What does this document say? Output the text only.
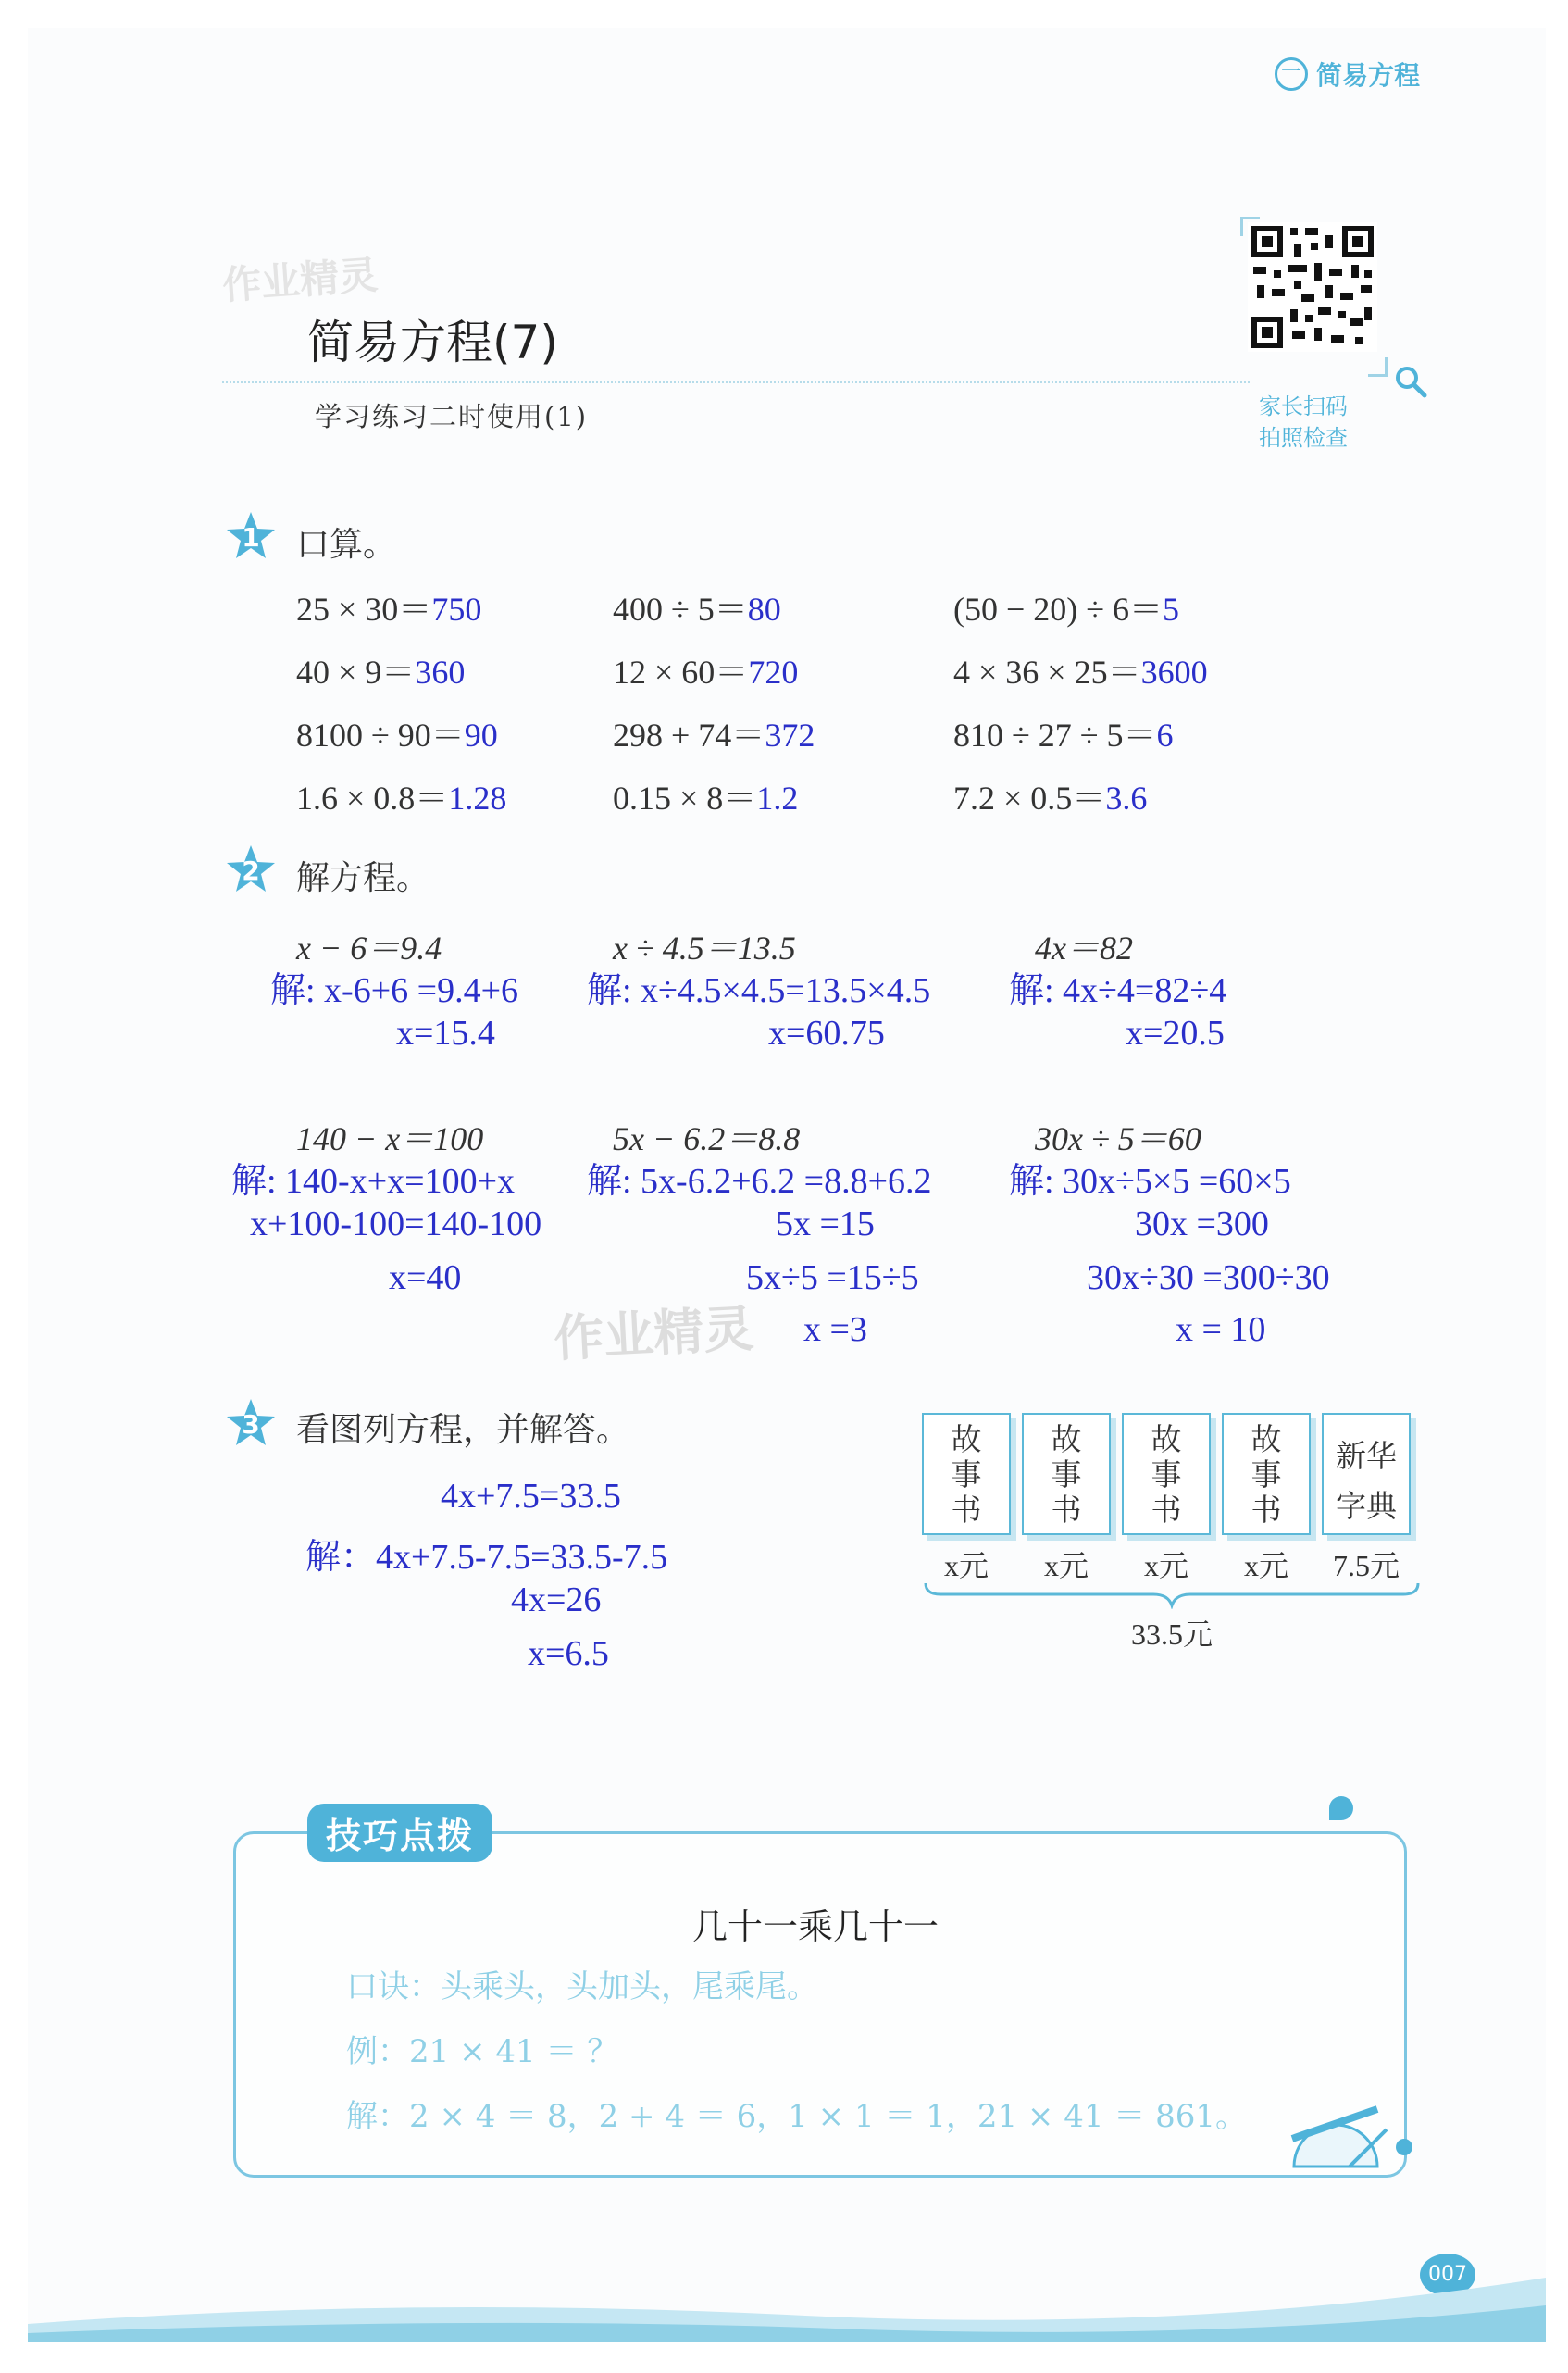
一 简易方程
作业精灵
简易方程(7)
学习练习二时使用(1)	家长扫码
拍照检查
1 口算。
25 × 30＝750	400 ÷ 5＝80	(50 − 20) ÷ 6＝5
40 × 9＝360	12 × 60＝720	4 × 36 × 25＝3600
8100 ÷ 90＝90	298 + 74＝372	810 ÷ 27 ÷ 5＝6
1.6 × 0.8＝1.28	0.15 × 8＝1.2	7.2 × 0.5＝3.6
2 解方程。
x − 6＝9.4
解: x-6+6 =9.4+6
x=15.4
x ÷ 4.5＝13.5
解: x÷4.5×4.5=13.5×4.5
x=60.75
4x＝82
解: 4x÷4=82÷4
x=20.5
140 − x＝100
解: 140-x+x=100+x
x+100-100=140-100
x=40
5x − 6.2＝8.8
解: 5x-6.2+6.2 =8.8+6.2
5x =15
5x÷5 =15÷5
x =3
30x ÷ 5＝60
解: 30x÷5×5 =60×5
30x =300
30x÷30 =300÷30
x = 10
作业精灵
3 看图列方程，并解答。
4x+7.5=33.5
解：4x+7.5-7.5=33.5-7.5
4x=26
x=6.5
故
事
书
故
事
书
故
事
书
故
事
书
新华
字典
x元	x元	x元	x元	7.5元
33.5元
技巧点拨
几十一乘几十一
口诀：头乘头，头加头，尾乘尾。
例：21 × 41 ＝ ？
解：2 × 4 ＝ 8，2 + 4 ＝ 6，1 × 1 ＝ 1，21 × 41 ＝ 861。
007
